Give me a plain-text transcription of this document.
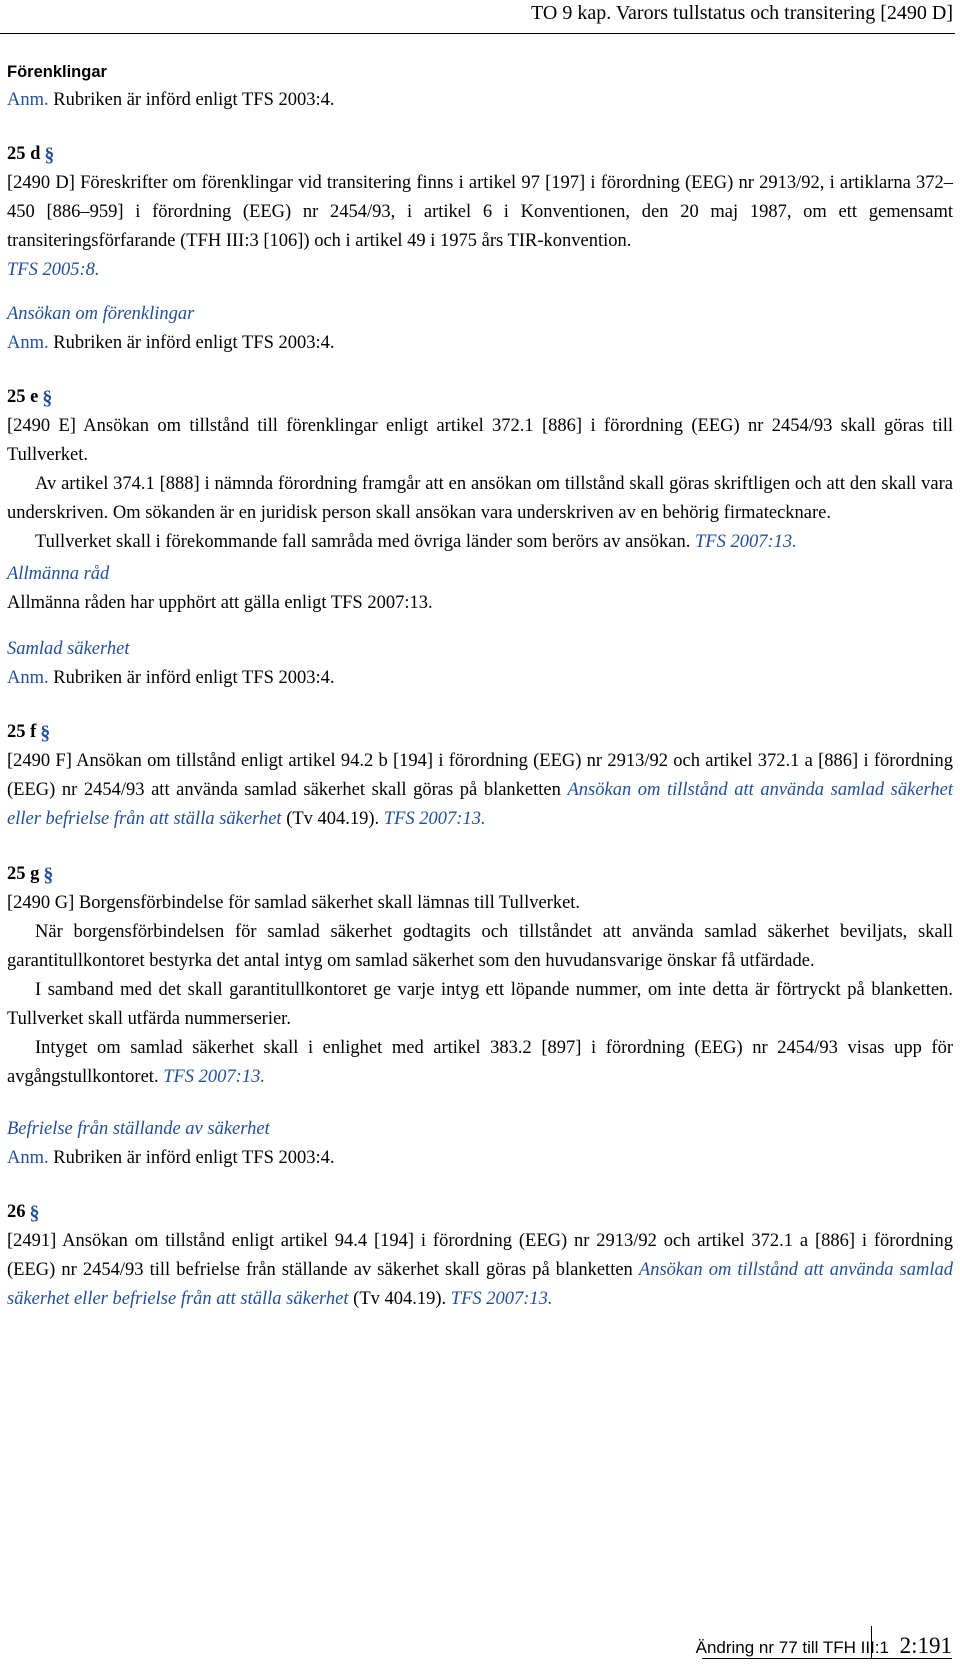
TO 9 kap. Varors tullstatus och transitering [2490 D]
Förenklingar

Anm. Rubriken är införd enligt TFS 2003:4.

25 d §

[2490 D] Föreskrifter om förenklingar vid transitering finns i artikel 97 [197] i förordning (EEG) nr 2913/92, i artiklarna 372–450 [886–959] i förordning (EEG) nr 2454/93, i artikel 6 i Konventionen, den 20 maj 1987, om ett gemensamt transiteringsförfarande (TFH III:3 [106]) och i artikel 49 i 1975 års TIR-konvention.

TFS 2005:8.

Ansökan om förenklingar

Anm. Rubriken är införd enligt TFS 2003:4.

25 e §

[2490 E] Ansökan om tillstånd till förenklingar enligt artikel 372.1 [886] i förordning (EEG) nr 2454/93 skall göras till Tullverket.

Av artikel 374.1 [888] i nämnda förordning framgår att en ansökan om tillstånd skall göras skriftligen och att den skall vara underskriven. Om sökanden är en juridisk person skall ansökan vara underskriven av en behörig firmatecknare.

Tullverket skall i förekommande fall samråda med övriga länder som berörs av ansökan. TFS 2007:13.

Allmänna råd

Allmänna råden har upphört att gälla enligt TFS 2007:13.

Samlad säkerhet

Anm. Rubriken är införd enligt TFS 2003:4.

25 f §

[2490 F] Ansökan om tillstånd enligt artikel 94.2 b [194] i förordning (EEG) nr 2913/92 och artikel 372.1 a [886] i förordning (EEG) nr 2454/93 att använda samlad säkerhet skall göras på blanketten Ansökan om tillstånd att använda samlad säkerhet eller befrielse från att ställa säkerhet (Tv 404.19). TFS 2007:13.

25 g §

[2490 G] Borgensförbindelse för samlad säkerhet skall lämnas till Tullverket.

När borgensförbindelsen för samlad säkerhet godtagits och tillståndet att använda samlad säkerhet beviljats, skall garantitullkontoret bestyrka det antal intyg om samlad säkerhet som den huvudansvarige önskar få utfärdade.

I samband med det skall garantitullkontoret ge varje intyg ett löpande nummer, om inte detta är förtryckt på blanketten. Tullverket skall utfärda nummerserier.

Intyget om samlad säkerhet skall i enlighet med artikel 383.2 [897] i förordning (EEG) nr 2454/93 visas upp för avgångstullkontoret. TFS 2007:13.

Befrielse från ställande av säkerhet

Anm. Rubriken är införd enligt TFS 2003:4.

26 §

[2491] Ansökan om tillstånd enligt artikel 94.4 [194] i förordning (EEG) nr 2913/92 och artikel 372.1 a [886] i förordning (EEG) nr 2454/93 till befrielse från ställande av säkerhet skall göras på blanketten Ansökan om tillstånd att använda samlad säkerhet eller befrielse från att ställa säkerhet (Tv 404.19). TFS 2007:13.

Ändring nr 77 till TFH III:1 2:191
